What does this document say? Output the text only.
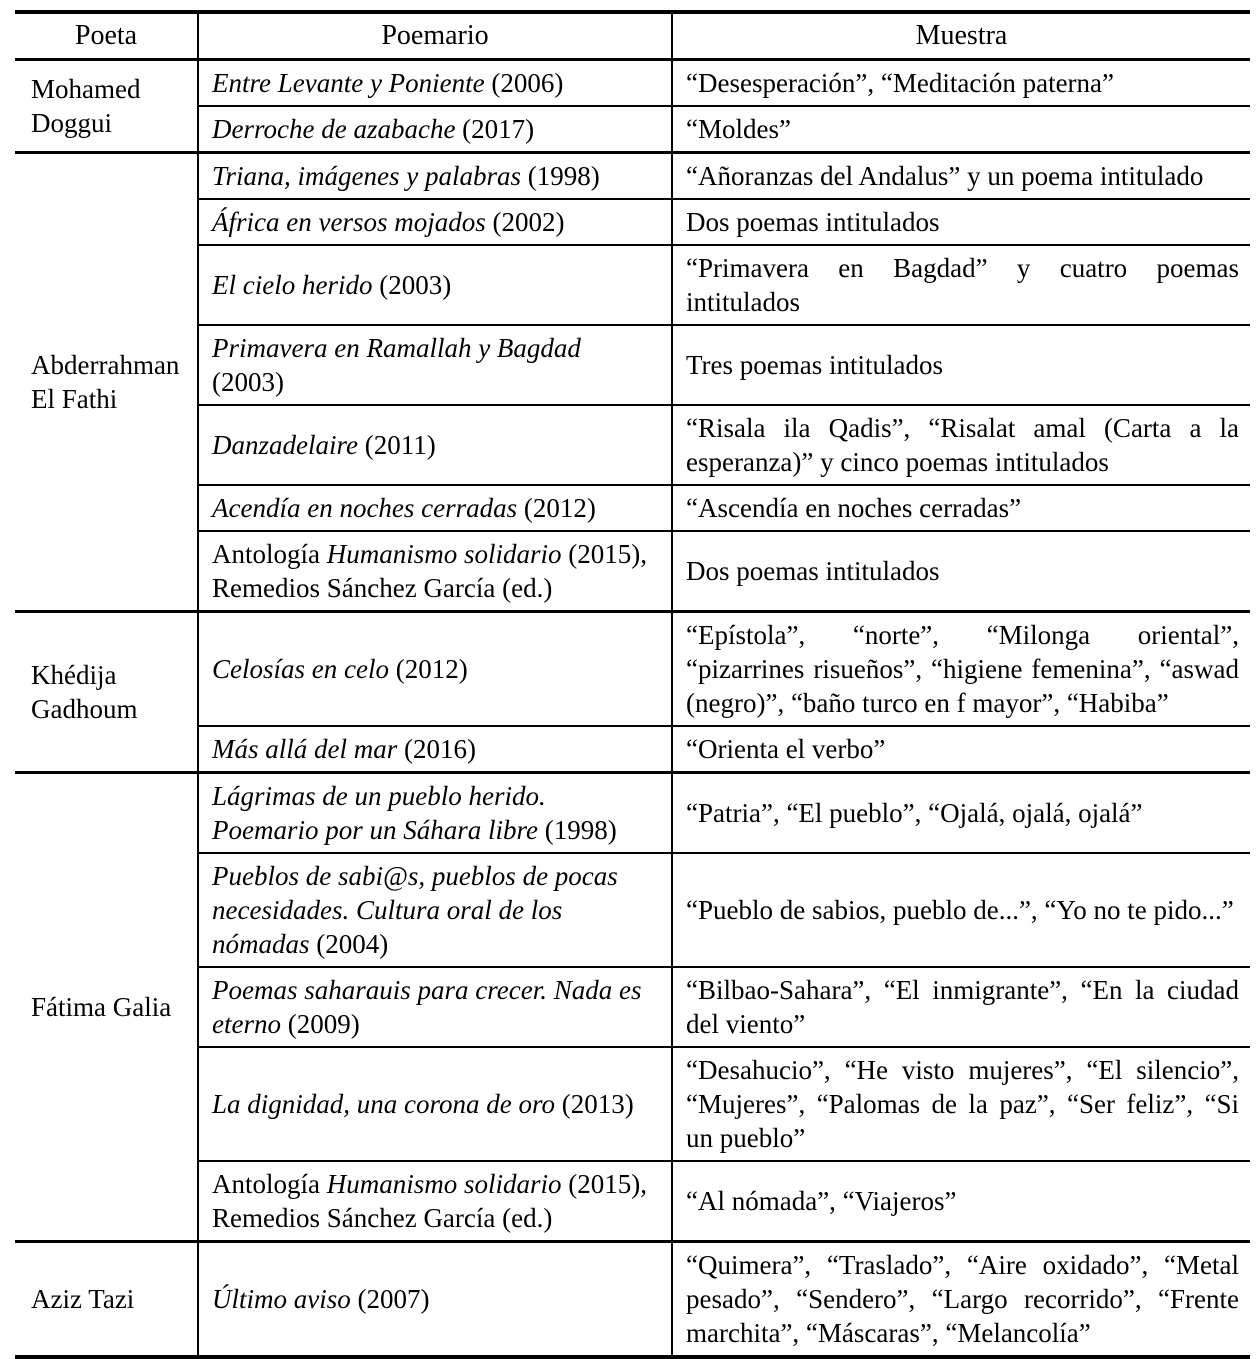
Poeta	Poemario	Muestra
Mohamed Doggui	Entre Levante y Poniente (2006)	“Desesperación”, “Meditación paterna”
	Derroche de azabache (2017)	“Moldes”
Abderrahman El Fathi	Triana, imágenes y palabras (1998)	“Añoranzas del Andalus” y un poema intitulado
	África en versos mojados (2002)	Dos poemas intitulados
	El cielo herido (2003)	“Primavera en Bagdad” y cuatro poemas intitulados
	Primavera en Ramallah y Bagdad (2003)	Tres poemas intitulados
	Danzadelaire (2011)	“Risala ila Qadis”, “Risalat amal (Carta a la esperanza)” y cinco poemas intitulados
	Acendía en noches cerradas (2012)	“Ascendía en noches cerradas”
	Antología Humanismo solidario (2015), Remedios Sánchez García (ed.)	Dos poemas intitulados
Khédija Gadhoum	Celosías en celo (2012)	“Epístola”, “norte”, “Milonga oriental”, “pizarrines risueños”, “higiene femenina”, “aswad (negro)”, “baño turco en f mayor”, “Habiba”
	Más allá del mar (2016)	“Orienta el verbo”
Fátima Galia	Lágrimas de un pueblo herido. Poemario por un Sáhara libre (1998)	“Patria”, “El pueblo”, “Ojalá, ojalá, ojalá”
	Pueblos de sabi@s, pueblos de pocas necesidades. Cultura oral de los nómadas (2004)	“Pueblo de sabios, pueblo de...”, “Yo no te pido...”
	Poemas saharauis para crecer. Nada es eterno (2009)	“Bilbao-Sahara”, “El inmigrante”, “En la ciudad del viento”
	La dignidad, una corona de oro (2013)	“Desahucio”, “He visto mujeres”, “El silencio”, “Mujeres”, “Palomas de la paz”, “Ser feliz”, “Si un pueblo”
	Antología Humanismo solidario (2015), Remedios Sánchez García (ed.)	“Al nómada”, “Viajeros”
Aziz Tazi	Último aviso (2007)	“Quimera”, “Traslado”, “Aire oxidado”, “Metal pesado”, “Sendero”, “Largo recorrido”, “Frente marchita”, “Máscaras”, “Melancolía”
